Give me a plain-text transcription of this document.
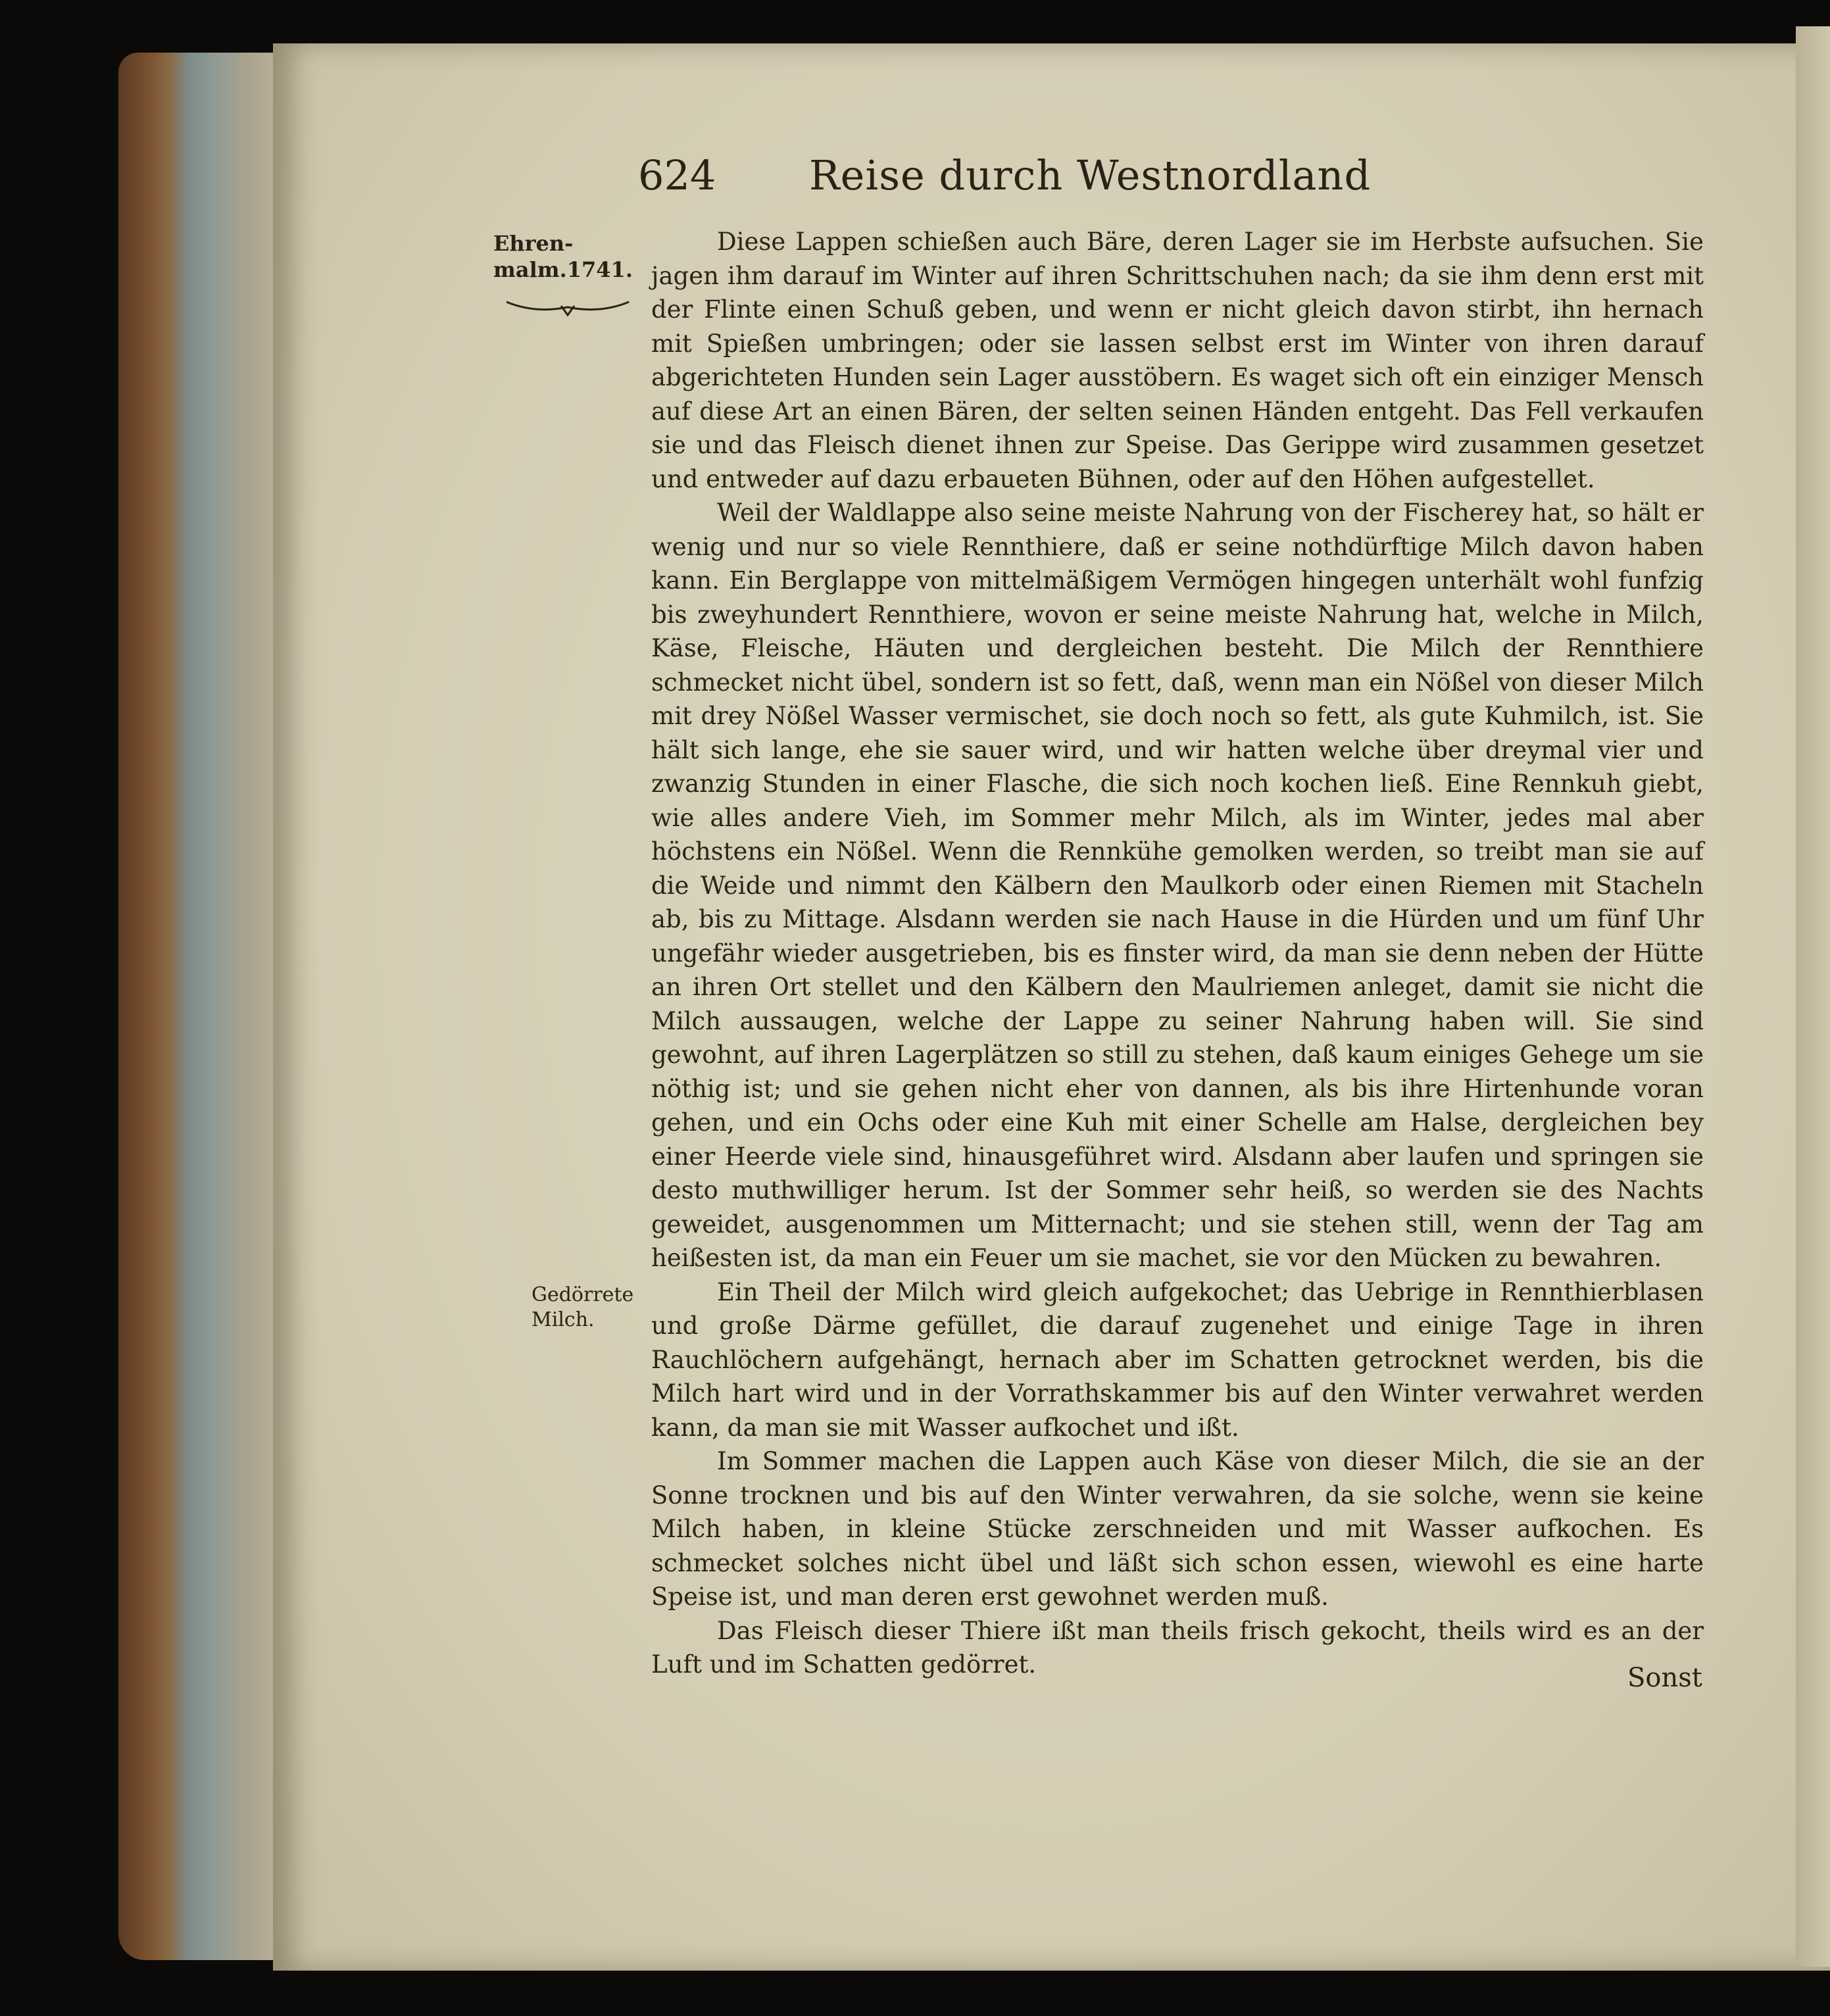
624 Reise durch Westnordland
Ehren-
malm.1741.
Gedörrete
Milch.

Diese Lappen schießen auch Bäre, deren Lager sie im Herbste aufsuchen. Sie jagen ihm darauf im Winter auf ihren Schrittschuhen nach; da sie ihm denn erst mit der Flinte einen Schuß geben, und wenn er nicht gleich davon stirbt, ihn hernach mit Spießen umbringen; oder sie lassen selbst erst im Winter von ihren darauf abgerichteten Hunden sein Lager ausstöbern. Es waget sich oft ein einziger Mensch auf diese Art an einen Bären, der selten seinen Händen entgeht. Das Fell verkaufen sie und das Fleisch dienet ihnen zur Speise. Das Gerippe wird zusammen gesetzet und entweder auf dazu erbaueten Bühnen, oder auf den Höhen aufgestellet.

Weil der Waldlappe also seine meiste Nahrung von der Fischerey hat, so hält er wenig und nur so viele Rennthiere, daß er seine nothdürftige Milch davon haben kann. Ein Berglappe von mittelmäßigem Vermögen hingegen unterhält wohl funfzig bis zweyhundert Rennthiere, wovon er seine meiste Nahrung hat, welche in Milch, Käse, Fleische, Häuten und dergleichen besteht. Die Milch der Rennthiere schmecket nicht übel, sondern ist so fett, daß, wenn man ein Nößel von dieser Milch mit drey Nößel Wasser vermischet, sie doch noch so fett, als gute Kuhmilch, ist. Sie hält sich lange, ehe sie sauer wird, und wir hatten welche über dreymal vier und zwanzig Stunden in einer Flasche, die sich noch kochen ließ. Eine Rennkuh giebt, wie alles andere Vieh, im Sommer mehr Milch, als im Winter, jedes mal aber höchstens ein Nößel. Wenn die Rennkühe gemolken werden, so treibt man sie auf die Weide und nimmt den Kälbern den Maulkorb oder einen Riemen mit Stacheln ab, bis zu Mittage. Alsdann werden sie nach Hause in die Hürden und um fünf Uhr ungefähr wieder ausgetrieben, bis es finster wird, da man sie denn neben der Hütte an ihren Ort stellet und den Kälbern den Maulriemen anleget, damit sie nicht die Milch aussaugen, welche der Lappe zu seiner Nahrung haben will. Sie sind gewohnt, auf ihren Lagerplätzen so still zu stehen, daß kaum einiges Gehege um sie nöthig ist; und sie gehen nicht eher von dannen, als bis ihre Hirtenhunde voran gehen, und ein Ochs oder eine Kuh mit einer Schelle am Halse, dergleichen bey einer Heerde viele sind, hinausgeführet wird. Alsdann aber laufen und springen sie desto muthwilliger herum. Ist der Sommer sehr heiß, so werden sie des Nachts geweidet, ausgenommen um Mitternacht; und sie stehen still, wenn der Tag am heißesten ist, da man ein Feuer um sie machet, sie vor den Mücken zu bewahren.

Ein Theil der Milch wird gleich aufgekochet; das Uebrige in Rennthierblasen und große Därme gefüllet, die darauf zugenehet und einige Tage in ihren Rauchlöchern aufgehängt, hernach aber im Schatten getrocknet werden, bis die Milch hart wird und in der Vorrathskammer bis auf den Winter verwahret werden kann, da man sie mit Wasser aufkochet und ißt.

Im Sommer machen die Lappen auch Käse von dieser Milch, die sie an der Sonne trocknen und bis auf den Winter verwahren, da sie solche, wenn sie keine Milch haben, in kleine Stücke zerschneiden und mit Wasser aufkochen. Es schmecket solches nicht übel und läßt sich schon essen, wiewohl es eine harte Speise ist, und man deren erst gewohnet werden muß.

Das Fleisch dieser Thiere ißt man theils frisch gekocht, theils wird es an der Luft und im Schatten gedörret.	Sonst
